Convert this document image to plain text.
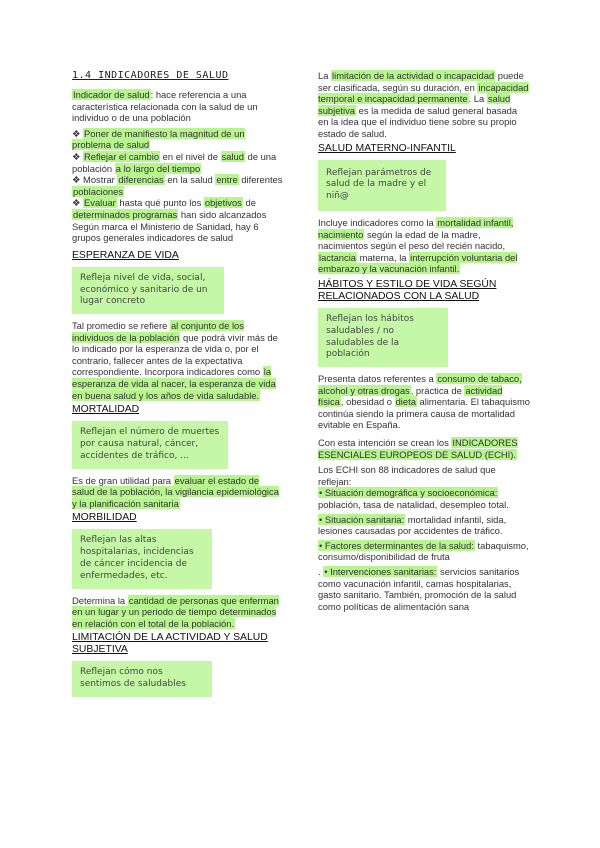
1.4 INDICADORES DE SALUD

Indicador de salud: hace referencia a una característica relacionada con la salud de un individuo o de una población

❖ Poner de manifiesto la magnitud de un problema de salud

❖ Reflejar el cambio en el nivel de salud de una población a lo largo del tiempo

❖ Mostrar diferencias en la salud entre diferentes poblaciones

❖ Evaluar hasta qué punto los objetivos de determinados programas han sido alcanzados

Según marca el Ministerio de Sanidad, hay 6 grupos generales indicadores de salud

ESPERANZA DE VIDA
Refleja nivel de vida, social, económico y sanitario de un lugar concreto

Tal promedio se refiere al conjunto de los individuos de la población que podrá vivir más de lo indicado por la esperanza de vida o, por el contrario, fallecer antes de la expectativa correspondiente. Incorpora indicadores como la esperanza de vida al nacer, la esperanza de vida en buena salud y los años de vida saludable.

MORTALIDAD
Reflejan el número de muertes por causa natural, cáncer, accidentes de tráfico, ...

Es de gran utilidad para evaluar el estado de salud de la población, la vigilancia epidemiológica y la planificación sanitaria

MORBILIDAD
Reflejan las altas hospitalarias, incidencias de cáncer incidencia de enfermedades, etc.

Determina la cantidad de personas que enferman en un lugar y un periodo de tiempo determinados en relación con el total de la población.

LIMITACIÓN DE LA ACTIVIDAD Y SALUD SUBJETIVA
Reflejan cómo nos sentimos de saludables

La limitación de la actividad o incapacidad puede ser clasificada, según su duración, en incapacidad temporal e incapacidad permanente. La salud subjetiva es la medida de salud general basada en la idea que el individuo tiene sobre su propio estado de salud.

SALUD MATERNO-INFANTIL
Reflejan parámetros de salud de la madre y el niñ@

Incluye indicadores como la mortalidad infantil, nacimiento según la edad de la madre, nacimientos según el peso del recién nacido, lactancia materna, la interrupción voluntaria del embarazo y la vacunación infantil.

HÁBITOS Y ESTILO DE VIDA SEGÚN RELACIONADOS CON LA SALUD
Reflejan los hábitos saludables / no saludables de la población

Presenta datos referentes a consumo de tabaco, alcohol y otras drogas, práctica de actividad física, obesidad o dieta alimentaria. El tabaquismo continúa siendo la primera causa de mortalidad evitable en España.

Con esta intención se crean los INDICADORES ESENCIALES EUROPEOS DE SALUD (ECHI).

Los ECHI son 88 indicadores de salud que reflejan:

• Situación demográfica y socioeconómica: población, tasa de natalidad, desempleo total.

• Situación sanitaria: mortalidad infantil, sida, lesiones causadas por accidentes de tráfico.

• Factores determinantes de la salud: tabaquismo, consumo/disponibilidad de fruta

. • Intervenciones sanitarias: servicios sanitarios como vacunación infantil, camas hospitalarias, gasto sanitario. También, promoción de la salud como políticas de alimentación sana
